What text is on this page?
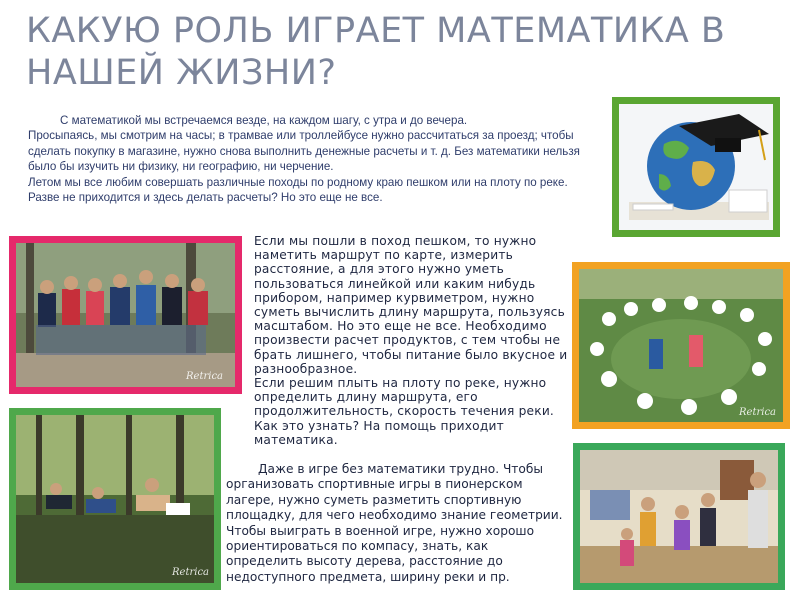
КАКУЮ РОЛЬ ИГРАЕТ МАТЕМАТИКА В НАШЕЙ ЖИЗНИ?

С математикой мы встречаемся везде, на каждом шагу, с утра и до вечера.

Просыпаясь, мы смотрим на часы; в трамвае или троллейбусе нужно рассчитаться за проезд; чтобы сделать покупку в магазине, нужно снова выполнить денежные расчеты и т. д. Без математики нельзя было бы изучить ни физику, ни географию, ни черчение.

Летом мы все любим совершать различные походы по родному краю пешком или на плоту по реке. Разве не приходится и здесь делать расчеты? Но это еще не все.

Retrica
Retrica
Retrica

Если мы пошли в поход пешком, то нужно наметить маршрут по карте, измерить расстояние, а для этого нужно уметь пользоваться линейкой или каким нибудь прибором, например курвиметром, нужно суметь вычислить длину маршрута, пользуясь масштабом. Но это еще не все. Необходимо произвести расчет продуктов, с тем чтобы не брать лишнего, чтобы питание было вкусное и разнообразное.

Если решим плыть на плоту по реке, нужно определить длину маршрута, его продолжительность, скорость течения реки. Как это узнать? На помощь приходит математика.

Даже в игре без математики трудно. Чтобы организовать спортивные игры в пионерском лагере, нужно суметь разметить спортивную площадку, для чего необходимо знание геометрии. Чтобы выиграть в военной игре, нужно хорошо ориентироваться по компасу, знать, как определить высоту дерева, расстояние до недоступного предмета, ширину реки и пр.
